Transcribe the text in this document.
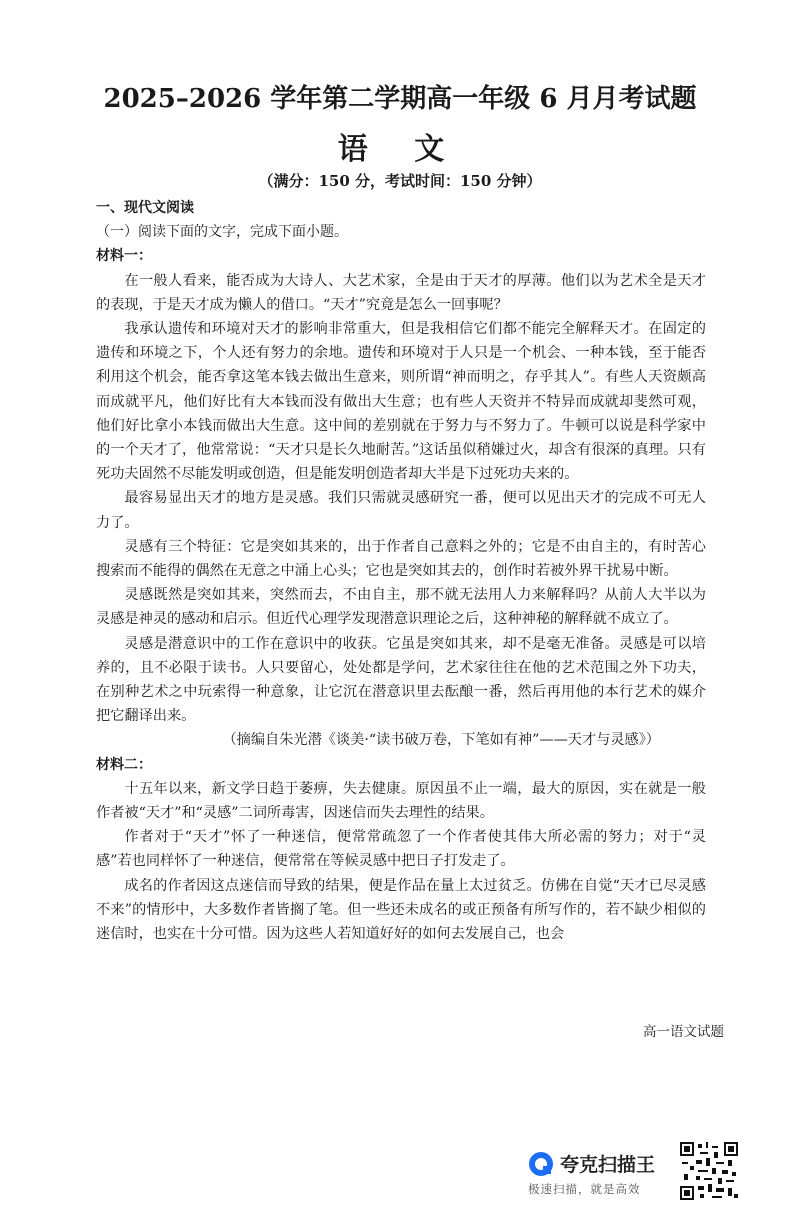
2025–2026 学年第二学期高一年级 6 月月考试题
语 文
（满分：150 分，考试时间：150 分钟）
一、现代文阅读
（一）阅读下面的文字，完成下面小题。
材料一：

在一般人看来，能否成为大诗人、大艺术家，全是由于天才的厚薄。他们以为艺术全是天才的表现，于是天才成为懒人的借口。“天才”究竟是怎么一回事呢？

我承认遗传和环境对天才的影响非常重大，但是我相信它们都不能完全解释天才。在固定的遗传和环境之下，个人还有努力的余地。遗传和环境对于人只是一个机会、一种本钱，至于能否利用这个机会，能否拿这笔本钱去做出生意来，则所谓“神而明之，存乎其人”。有些人天资颇高而成就平凡，他们好比有大本钱而没有做出大生意；也有些人天资并不特异而成就却斐然可观，他们好比拿小本钱而做出大生意。这中间的差别就在于努力与不努力了。牛顿可以说是科学家中的一个天才了，他常常说：“天才只是长久地耐苦。”这话虽似稍嫌过火，却含有很深的真理。只有死功夫固然不尽能发明或创造，但是能发明创造者却大半是下过死功夫来的。

最容易显出天才的地方是灵感。我们只需就灵感研究一番，便可以见出天才的完成不可无人力了。

灵感有三个特征：它是突如其来的，出于作者自己意料之外的；它是不由自主的，有时苦心搜索而不能得的偶然在无意之中涌上心头；它也是突如其去的，创作时若被外界干扰易中断。

灵感既然是突如其来，突然而去，不由自主，那不就无法用人力来解释吗？从前人大半以为灵感是神灵的感动和启示。但近代心理学发现潜意识理论之后，这种神秘的解释就不成立了。

灵感是潜意识中的工作在意识中的收获。它虽是突如其来，却不是毫无准备。灵感是可以培养的，且不必限于读书。人只要留心，处处都是学问，艺术家往往在他的艺术范围之外下功夫，在别种艺术之中玩索得一种意象，让它沉在潜意识里去酝酿一番，然后再用他的本行艺术的媒介把它翻译出来。

（摘编自朱光潜《谈美·“读书破万卷，下笔如有神”——天才与灵感》）

材料二：

十五年以来，新文学日趋于萎痹，失去健康。原因虽不止一端，最大的原因，实在就是一般作者被“天才”和“灵感”二词所毒害，因迷信而失去理性的结果。

作者对于“天才”怀了一种迷信，便常常疏忽了一个作者使其伟大所必需的努力；对于“灵感”若也同样怀了一种迷信，便常常在等候灵感中把日子打发走了。

成名的作者因这点迷信而导致的结果，便是作品在量上太过贫乏。仿佛在自觉“天才已尽灵感不来”的情形中，大多数作者皆搁了笔。但一些还未成名的或正预备有所写作的，若不缺少相似的迷信时，也实在十分可惜。因为这些人若知道好好的如何去发展自己，也会

高一语文试题
夸克扫描王
极速扫描，就是高效
